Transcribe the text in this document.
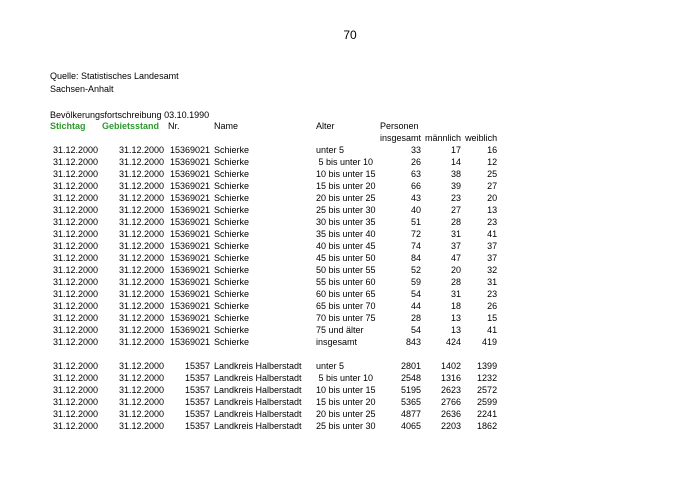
70
Quelle: Statistisches Landesamt
Sachsen-Anhalt
Bevölkerungsfortschreibung 03.10.1990
Stichtag	Gebietsstand	Nr.	Name	Alter	Personen		
					insgesamt	männlich	weiblich
31.12.2000	31.12.2000	15369021	Schierke	unter 5	33	17	16
31.12.2000	31.12.2000	15369021	Schierke	5 bis unter 10	26	14	12
31.12.2000	31.12.2000	15369021	Schierke	10 bis unter 15	63	38	25
31.12.2000	31.12.2000	15369021	Schierke	15 bis unter 20	66	39	27
31.12.2000	31.12.2000	15369021	Schierke	20 bis unter 25	43	23	20
31.12.2000	31.12.2000	15369021	Schierke	25 bis unter 30	40	27	13
31.12.2000	31.12.2000	15369021	Schierke	30 bis unter 35	51	28	23
31.12.2000	31.12.2000	15369021	Schierke	35 bis unter 40	72	31	41
31.12.2000	31.12.2000	15369021	Schierke	40 bis unter 45	74	37	37
31.12.2000	31.12.2000	15369021	Schierke	45 bis unter 50	84	47	37
31.12.2000	31.12.2000	15369021	Schierke	50 bis unter 55	52	20	32
31.12.2000	31.12.2000	15369021	Schierke	55 bis unter 60	59	28	31
31.12.2000	31.12.2000	15369021	Schierke	60 bis unter 65	54	31	23
31.12.2000	31.12.2000	15369021	Schierke	65 bis unter 70	44	18	26
31.12.2000	31.12.2000	15369021	Schierke	70 bis unter 75	28	13	15
31.12.2000	31.12.2000	15369021	Schierke	75 und älter	54	13	41
31.12.2000	31.12.2000	15369021	Schierke	insgesamt	843	424	419

31.12.2000	31.12.2000	15357	Landkreis Halberstadt	unter 5	2801	1402	1399
31.12.2000	31.12.2000	15357	Landkreis Halberstadt	5 bis unter 10	2548	1316	1232
31.12.2000	31.12.2000	15357	Landkreis Halberstadt	10 bis unter 15	5195	2623	2572
31.12.2000	31.12.2000	15357	Landkreis Halberstadt	15 bis unter 20	5365	2766	2599
31.12.2000	31.12.2000	15357	Landkreis Halberstadt	20 bis unter 25	4877	2636	2241
31.12.2000	31.12.2000	15357	Landkreis Halberstadt	25 bis unter 30	4065	2203	1862
